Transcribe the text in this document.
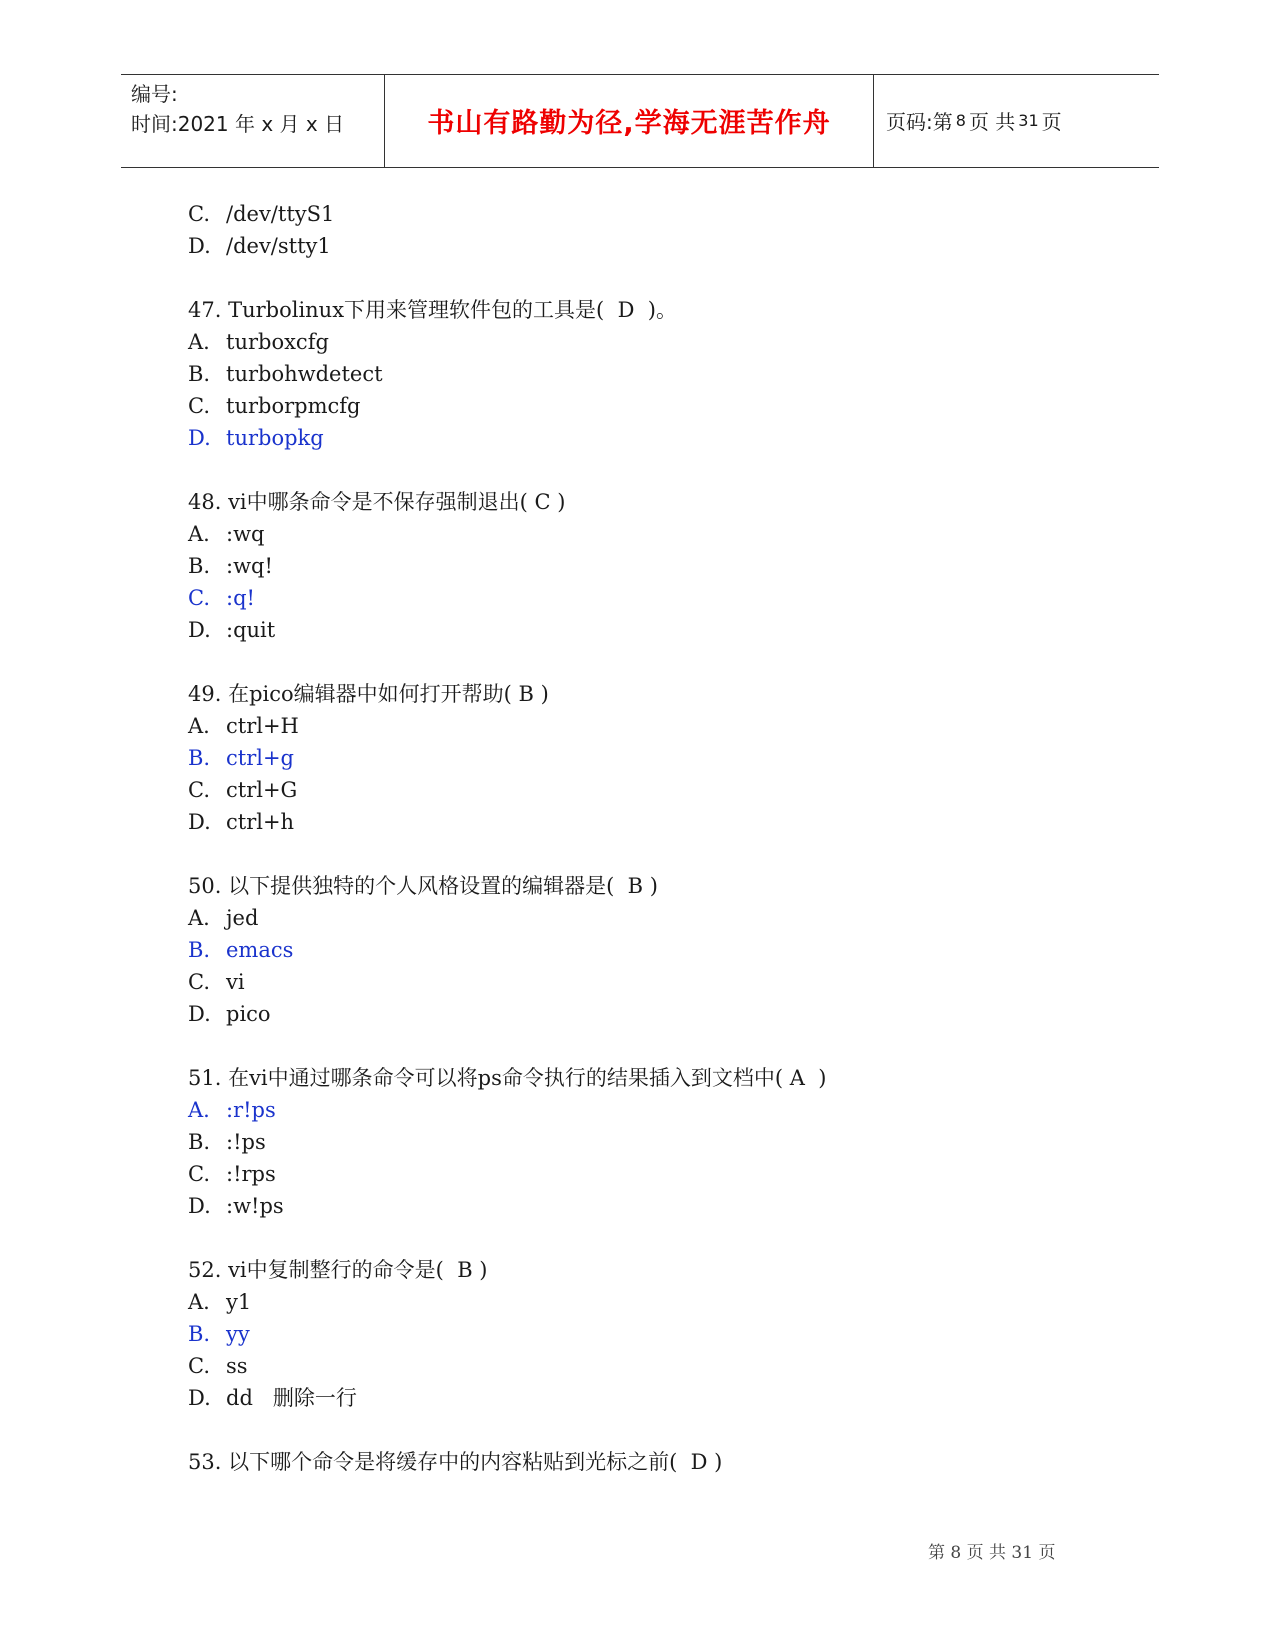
编号:
时间:2021 年 x 月 x 日	书山有路勤为径,学海无涯苦作舟	页码:第 8 页 共 31 页
C. /dev/ttyS1
D. /dev/stty1
47. Turbolinux下用来管理软件包的工具是(  D  )。
A. turboxcfg
B. turbohwdetect
C. turborpmcfg
D. turbopkg
48. vi中哪条命令是不保存强制退出( C )
A. :wq
B. :wq!
C. :q!
D. :quit
49. 在pico编辑器中如何打开帮助( B )
A. ctrl+H
B. ctrl+g
C. ctrl+G
D. ctrl+h
50. 以下提供独特的个人风格设置的编辑器是(  B )
A. jed
B. emacs
C. vi
D. pico
51. 在vi中通过哪条命令可以将ps命令执行的结果插入到文档中( A  )
A. :r!ps
B. :!ps
C. :!rps
D. :w!ps
52. vi中复制整行的命令是(  B )
A. y1
B. yy
C. ss
D. dd   删除一行
53. 以下哪个命令是将缓存中的内容粘贴到光标之前(  D )
第 8 页 共 31 页
